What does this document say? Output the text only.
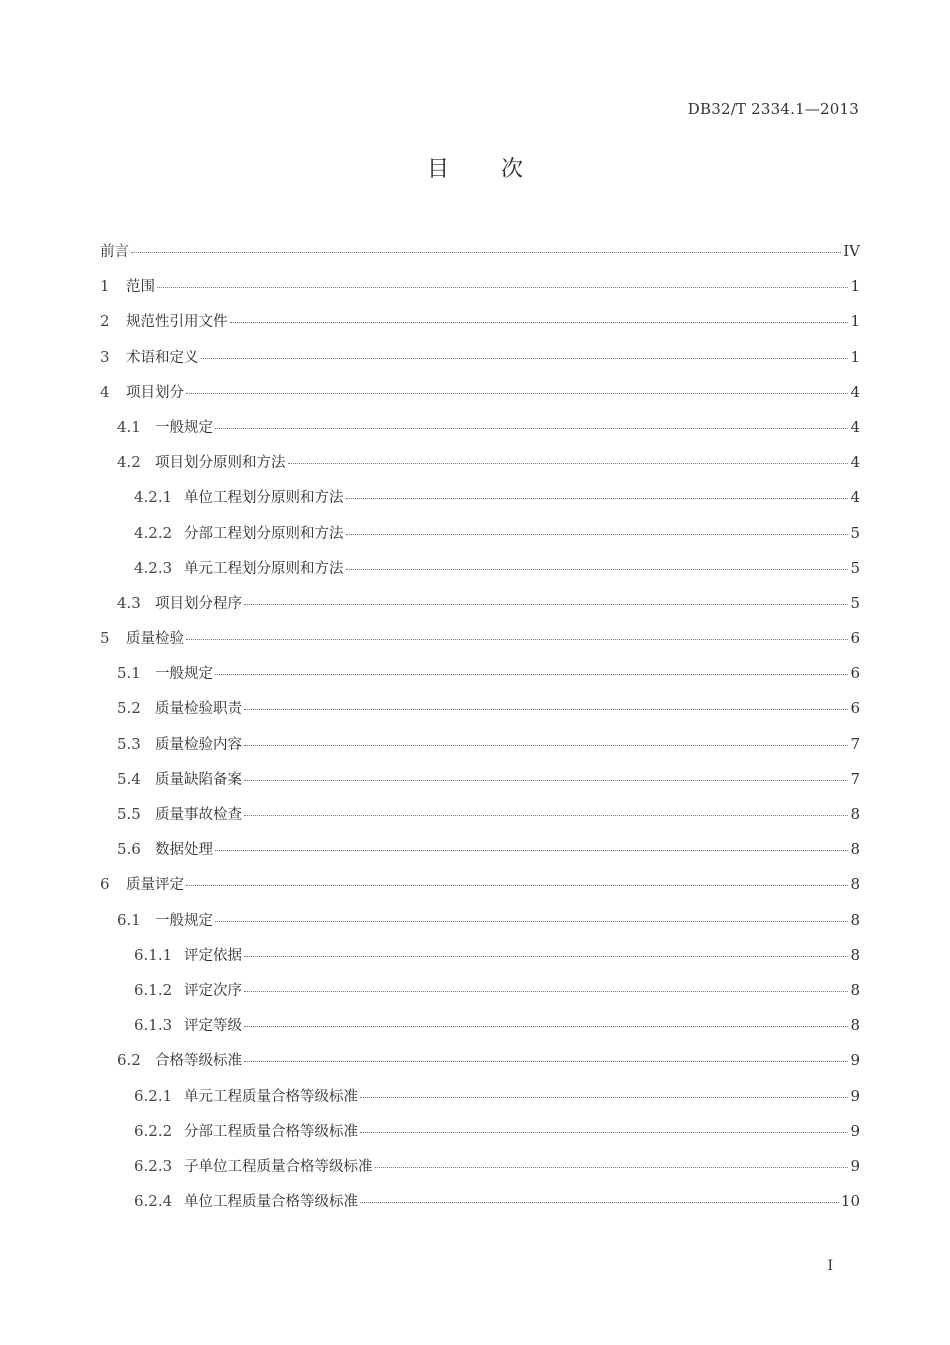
DB32/T 2334.1—2013
目 次
前言	IV
1	范围	1
2	规范性引用文件	1
3	术语和定义	1
4	项目划分	4
4.1 一般规定	4
4.2 项目划分原则和方法	4
4.2.1 单位工程划分原则和方法	4
4.2.2 分部工程划分原则和方法	5
4.2.3 单元工程划分原则和方法	5
4.3 项目划分程序	5
5	质量检验	6
5.1 一般规定	6
5.2 质量检验职责	6
5.3 质量检验内容	7
5.4 质量缺陷备案	7
5.5 质量事故检查	8
5.6 数据处理	8
6	质量评定	8
6.1 一般规定	8
6.1.1 评定依据	8
6.1.2 评定次序	8
6.1.3 评定等级	8
6.2 合格等级标准	9
6.2.1 单元工程质量合格等级标准	9
6.2.2 分部工程质量合格等级标准	9
6.2.3 子单位工程质量合格等级标准	9
6.2.4 单位工程质量合格等级标准	10
I
